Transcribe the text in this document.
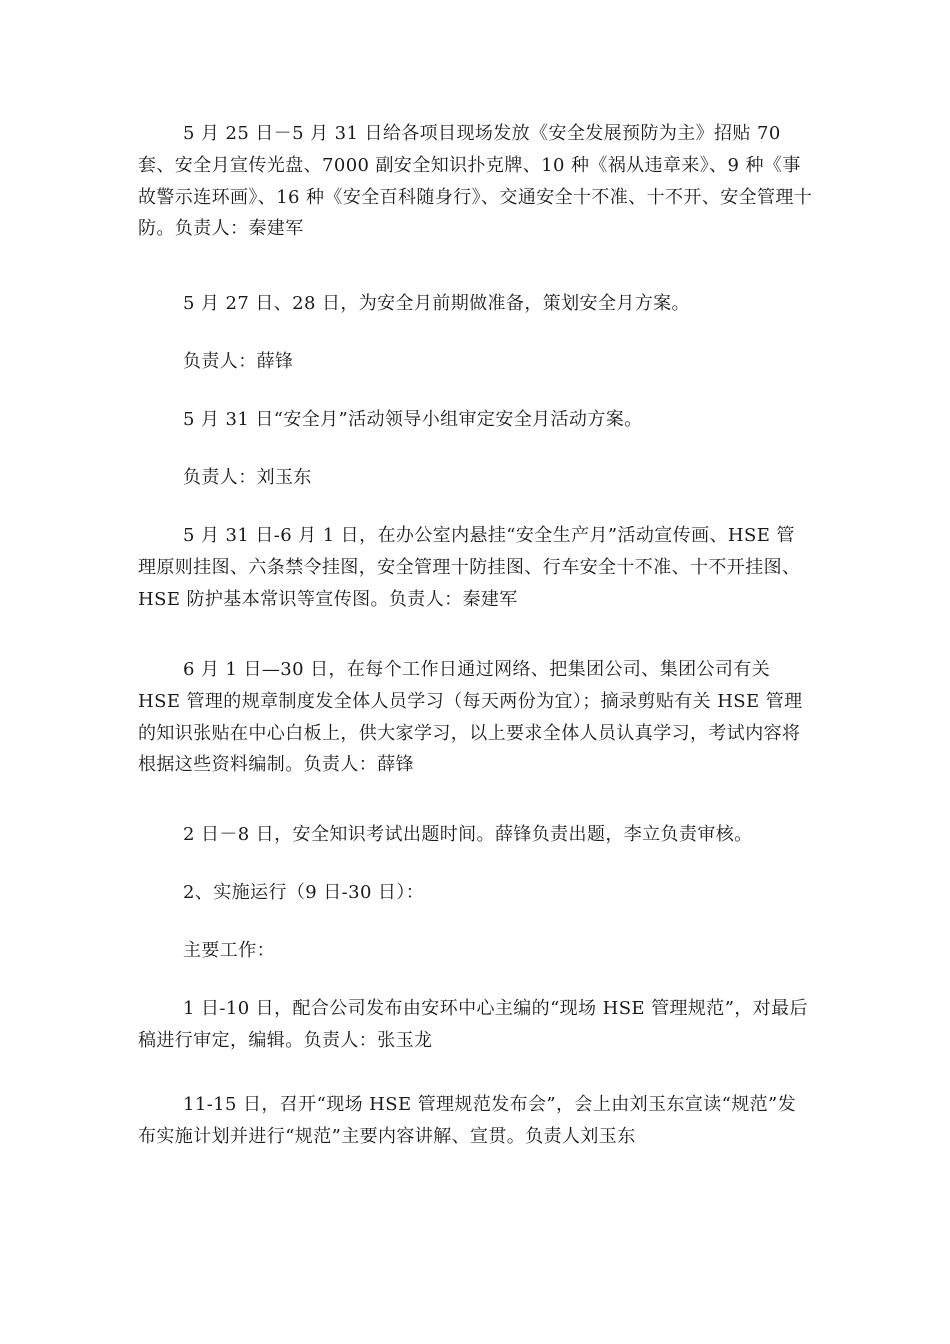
5 月 25 日－5 月 31 日给各项目现场发放《安全发展预防为主》招贴 70 套、安全月宣传光盘、7000 副安全知识扑克牌、10 种《祸从违章来》、9 种《事故警示连环画》、16 种《安全百科随身行》、交通安全十不准、十不开、安全管理十防。负责人：秦建军

5 月 27 日、28 日，为安全月前期做准备，策划安全月方案。

负责人：薛锋

5 月 31 日“安全月”活动领导小组审定安全月活动方案。

负责人：刘玉东

5 月 31 日-6 月 1 日，在办公室内悬挂“安全生产月”活动宣传画、HSE 管理原则挂图、六条禁令挂图，安全管理十防挂图、行车安全十不准、十不开挂图、HSE 防护基本常识等宣传图。负责人：秦建军

6 月 1 日—30 日，在每个工作日通过网络、把集团公司、集团公司有关 HSE 管理的规章制度发全体人员学习（每天两份为宜）；摘录剪贴有关 HSE 管理的知识张贴在中心白板上，供大家学习，以上要求全体人员认真学习，考试内容将根据这些资料编制。负责人：薛锋

2 日－8 日，安全知识考试出题时间。薛锋负责出题，李立负责审核。

2、实施运行（9 日-30 日）：

主要工作：

1 日-10 日，配合公司发布由安环中心主编的“现场 HSE 管理规范”，对最后稿进行审定，编辑。负责人：张玉龙

11-15 日，召开“现场 HSE 管理规范发布会”，会上由刘玉东宣读“规范”发布实施计划并进行“规范”主要内容讲解、宣贯。负责人刘玉东
